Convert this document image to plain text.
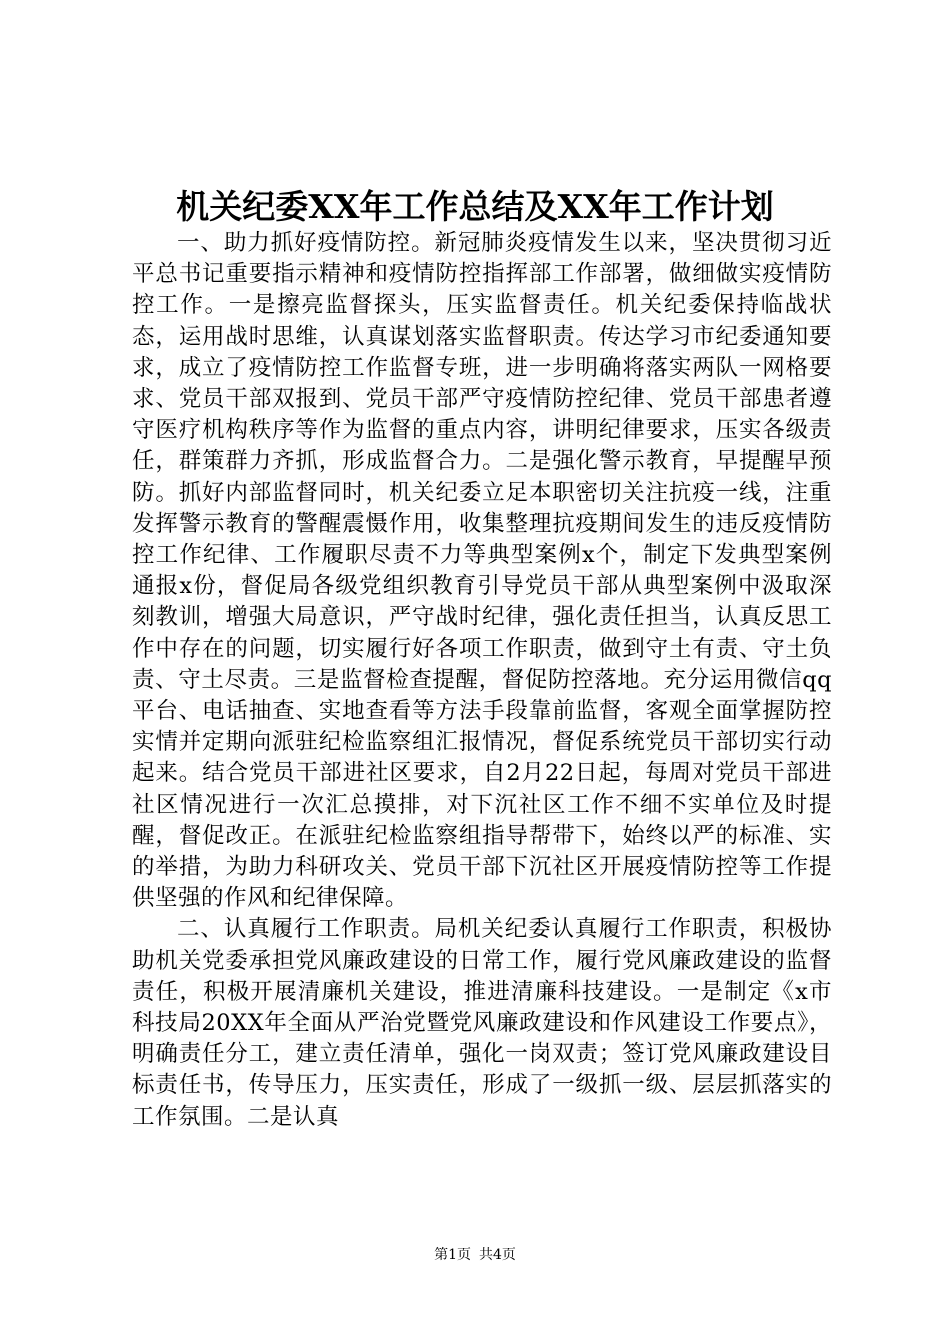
机关纪委XX年工作总结及XX年工作计划

一、助力抓好疫情防控。新冠肺炎疫情发生以来，坚决贯彻习近平总书记重要指示精神和疫情防控指挥部工作部署，做细做实疫情防控工作。一是擦亮监督探头，压实监督责任。机关纪委保持临战状态，运用战时思维，认真谋划落实监督职责。传达学习市纪委通知要求，成立了疫情防控工作监督专班，进一步明确将落实两队一网格要求、党员干部双报到、党员干部严守疫情防控纪律、党员干部患者遵守医疗机构秩序等作为监督的重点内容，讲明纪律要求，压实各级责任，群策群力齐抓，形成监督合力。二是强化警示教育，早提醒早预防。抓好内部监督同时，机关纪委立足本职密切关注抗疫一线，注重发挥警示教育的警醒震慑作用，收集整理抗疫期间发生的违反疫情防控工作纪律、工作履职尽责不力等典型案例x个，制定下发典型案例通报x份，督促局各级党组织教育引导党员干部从典型案例中汲取深刻教训，增强大局意识，严守战时纪律，强化责任担当，认真反思工作中存在的问题，切实履行好各项工作职责，做到守土有责、守土负责、守土尽责。三是监督检查提醒，督促防控落地。充分运用微信qq平台、电话抽查、实地查看等方法手段靠前监督，客观全面掌握防控实情并定期向派驻纪检监察组汇报情况，督促系统党员干部切实行动起来。结合党员干部进社区要求，自2月22日起，每周对党员干部进社区情况进行一次汇总摸排，对下沉社区工作不细不实单位及时提醒，督促改正。在派驻纪检监察组指导帮带下，始终以严的标准、实的举措，为助力科研攻关、党员干部下沉社区开展疫情防控等工作提供坚强的作风和纪律保障。

二、认真履行工作职责。局机关纪委认真履行工作职责，积极协助机关党委承担党风廉政建设的日常工作，履行党风廉政建设的监督责任，积极开展清廉机关建设，推进清廉科技建设。一是制定《x市科技局20XX年全面从严治党暨党风廉政建设和作风建设工作要点》，明确责任分工，建立责任清单，强化一岗双责；签订党风廉政建设目标责任书，传导压力，压实责任，形成了一级抓一级、层层抓落实的工作氛围。二是认真

第1页 共4页
